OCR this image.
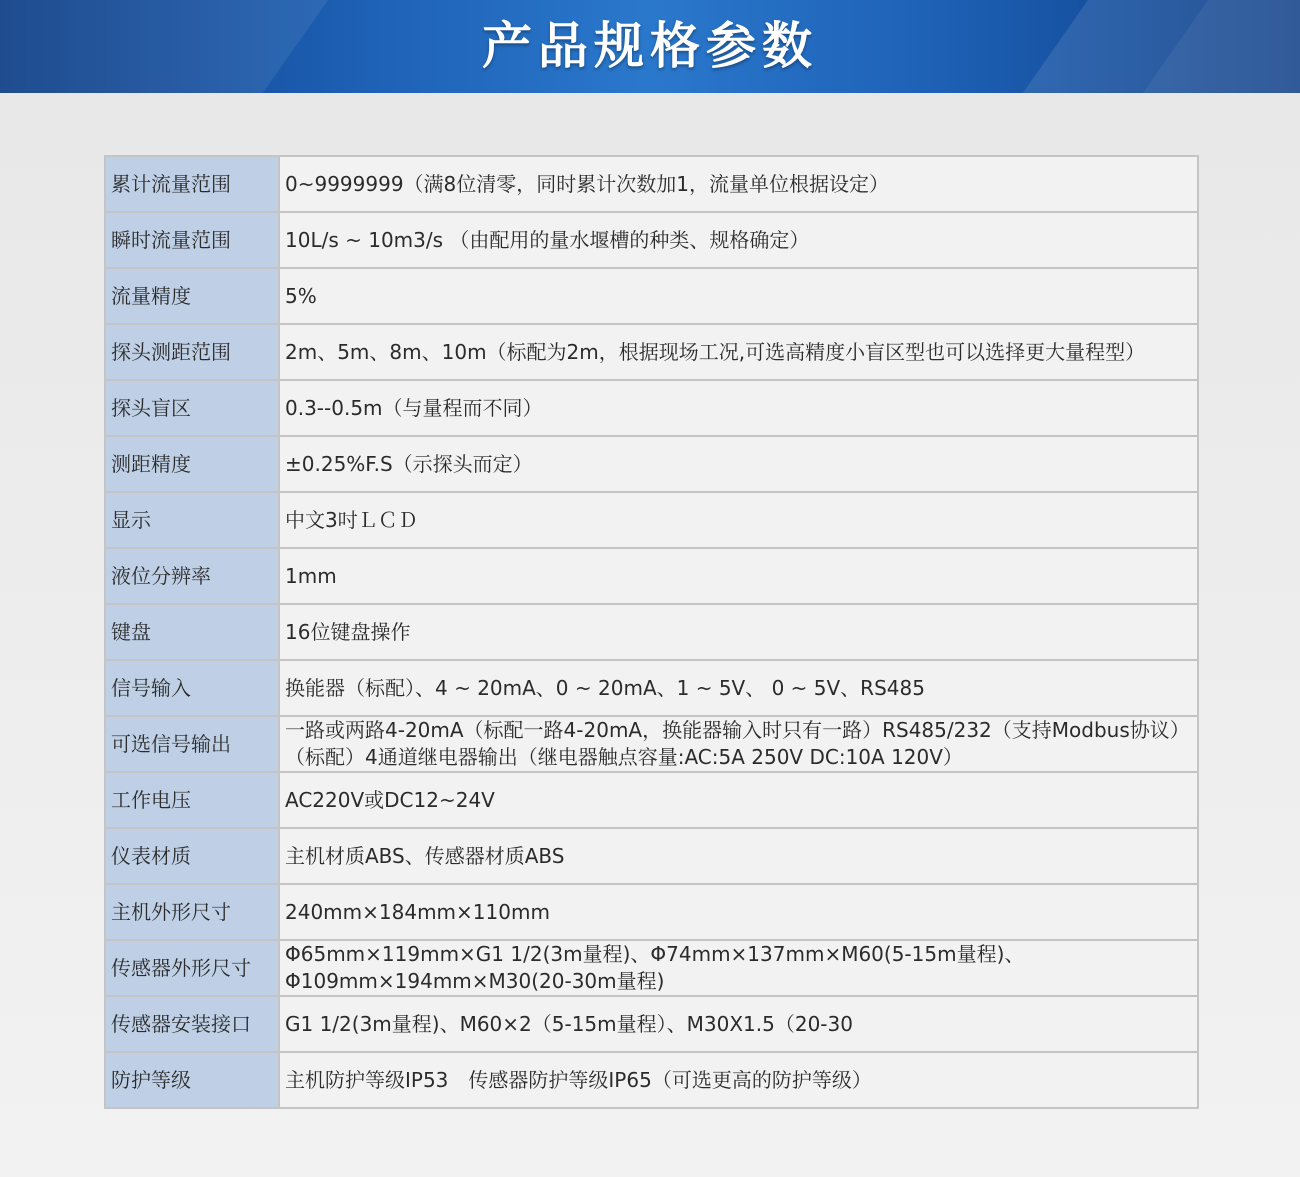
产品规格参数
累计流量范围	0~9999999（满8位清零，同时累计次数加1，流量单位根据设定）
瞬时流量范围	10L/s ~ 10m3/s （由配用的量水堰槽的种类、规格确定）
流量精度	5%
探头测距范围	2m、5m、8m、10m（标配为2m，根据现场工况,可选高精度小盲区型也可以选择更大量程型）
探头盲区	0.3--0.5m（与量程而不同）
测距精度	±0.25%F.S（示探头而定）
显示	中文3吋ＬＣＤ
液位分辨率	1mm
键盘	16位键盘操作
信号输入	换能器（标配）、4 ~ 20mA、0 ~ 20mA、1 ~ 5V、 0 ~ 5V、RS485
可选信号输出	一路或两路4-20mA（标配一路4-20mA，换能器输入时只有一路）RS485/232（支持Modbus协议）（标配）4通道继电器输出（继电器触点容量:AC:5A 250V DC:10A 120V）
工作电压	AC220V或DC12~24V
仪表材质	主机材质ABS、传感器材质ABS
主机外形尺寸	240mm×184mm×110mm
传感器外形尺寸	Φ65mm×119mm×G1 1/2(3m量程)、Φ74mm×137mm×M60(5-15m量程)、Φ109mm×194mm×M30(20-30m量程)
传感器安装接口	G1 1/2(3m量程)、M60×2（5-15m量程）、M30X1.5（20-30
防护等级	主机防护等级IP53　传感器防护等级IP65（可选更高的防护等级）
